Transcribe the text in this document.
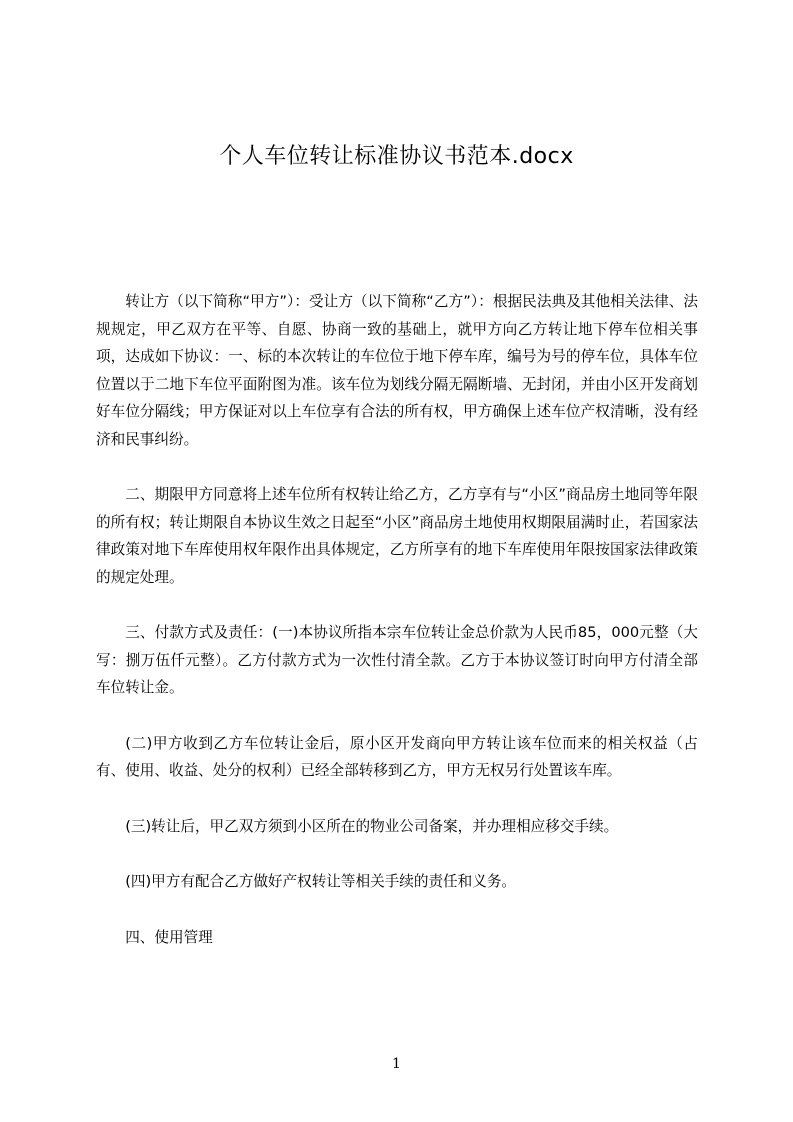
个人车位转让标准协议书范本.docx

转让方（以下简称“甲方”）：受让方（以下简称“乙方”）：根据民法典及其他相关法律、法规规定，甲乙双方在平等、自愿、协商一致的基础上，就甲方向乙方转让地下停车位相关事项，达成如下协议：一、标的本次转让的车位位于地下停车库，编号为号的停车位，具体车位位置以于二地下车位平面附图为准。该车位为划线分隔无隔断墙、无封闭，并由小区开发商划好车位分隔线；甲方保证对以上车位享有合法的所有权，甲方确保上述车位产权清晰，没有经济和民事纠纷。

二、期限甲方同意将上述车位所有权转让给乙方，乙方享有与“小区”商品房土地同等年限的所有权；转让期限自本协议生效之日起至“小区”商品房土地使用权期限届满时止，若国家法律政策对地下车库使用权年限作出具体规定，乙方所享有的地下车库使用年限按国家法律政策的规定处理。

三、付款方式及责任：(一)本协议所指本宗车位转让金总价款为人民币85，000元整（大写：捌万伍仟元整）。乙方付款方式为一次性付清全款。乙方于本协议签订时向甲方付清全部车位转让金。

(二)甲方收到乙方车位转让金后，原小区开发商向甲方转让该车位而来的相关权益（占有、使用、收益、处分的权利）已经全部转移到乙方，甲方无权另行处置该车库。

(三)转让后，甲乙双方须到小区所在的物业公司备案，并办理相应移交手续。

(四)甲方有配合乙方做好产权转让等相关手续的责任和义务。

四、使用管理

1
